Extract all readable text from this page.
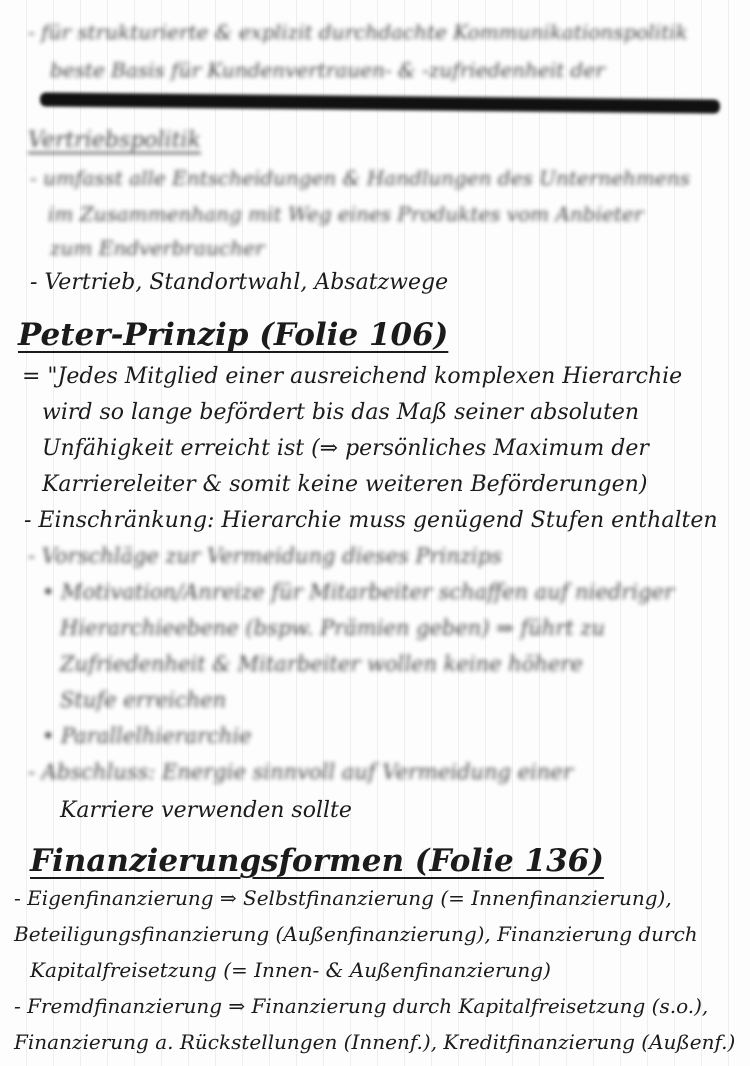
- für strukturierte & explizit durchdachte Kommunikationspolitik
beste Basis für Kundenvertrauen- & -zufriedenheit der
Vertriebspolitik
- umfasst alle Entscheidungen & Handlungen des Unternehmens
im Zusammenhang mit Weg eines Produktes vom Anbieter
zum Endverbraucher
- Vertrieb, Standortwahl, Absatzwege
Peter-Prinzip (Folie 106)
= "Jedes Mitglied einer ausreichend komplexen Hierarchie
wird so lange befördert bis das Maß seiner absoluten
Unfähigkeit erreicht ist (⇒ persönliches Maximum der
Karriereleiter & somit keine weiteren Beförderungen)
- Einschränkung: Hierarchie muss genügend Stufen enthalten
- Vorschläge zur Vermeidung dieses Prinzips
• Motivation/Anreize für Mitarbeiter schaffen auf niedriger
Hierarchieebene (bspw. Prämien geben) ⇒ führt zu
Zufriedenheit & Mitarbeiter wollen keine höhere
Stufe erreichen
• Parallelhierarchie
- Abschluss: Energie sinnvoll auf Vermeidung einer
Karriere verwenden sollte
Finanzierungsformen (Folie 136)
- Eigenfinanzierung ⇒ Selbstfinanzierung (= Innenfinanzierung),
Beteiligungsfinanzierung (Außenfinanzierung), Finanzierung durch
Kapitalfreisetzung (= Innen- & Außenfinanzierung)
- Fremdfinanzierung ⇒ Finanzierung durch Kapitalfreisetzung (s.o.),
Finanzierung a. Rückstellungen (Innenf.), Kreditfinanzierung (Außenf.)
